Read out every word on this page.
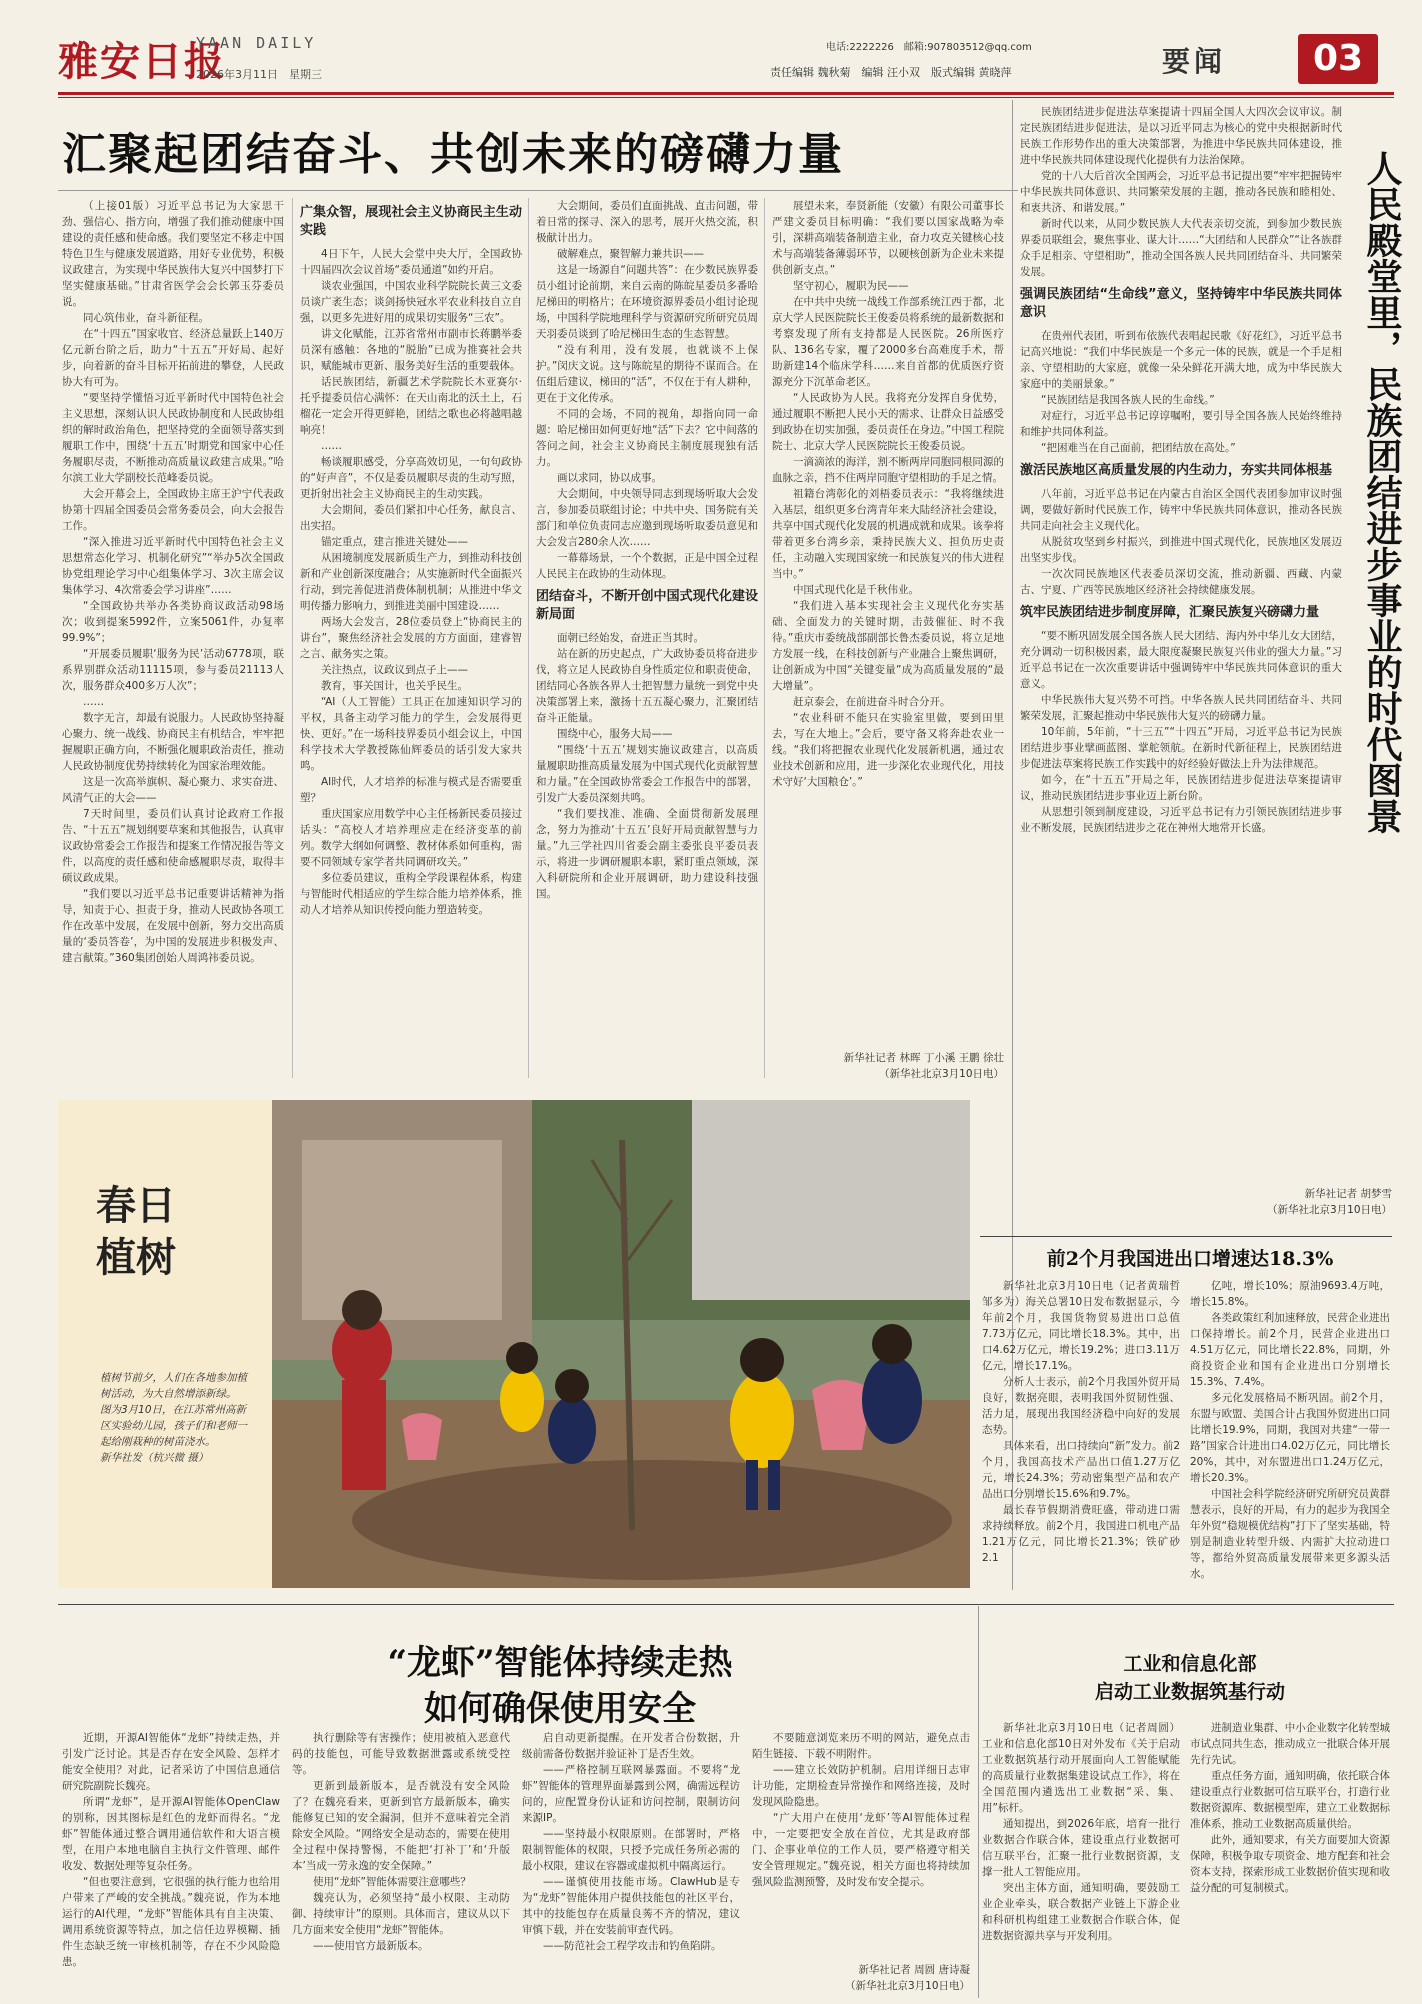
雅安日报
YAAN DAILY
2026年3月11日　星期三
电话:2222226　邮箱:907803512@qq.com
责任编辑 魏秋菊　编辑 汪小双　版式编辑 黄晓萍	要闻	03
汇聚起团结奋斗、共创未来的磅礴力量

（上接01版）习近平总书记为大家思干劲、强信心、指方向，增强了我们推动健康中国建设的责任感和使命感。我们要坚定不移走中国特色卫生与健康发展道路，用好专业优势，积极议政建言，为实现中华民族伟大复兴中国梦打下坚实健康基础。”甘肃省医学会会长郭玉芬委员说。

同心筑伟业，奋斗新征程。

在“十四五”国家收官、经济总量跃上140万亿元新台阶之后，助力“十五五”开好局、起好步，向着新的奋斗目标开拓前进的攀登，人民政协大有可为。

“要坚持学懂悟习近平新时代中国特色社会主义思想，深刻认识人民政协制度和人民政协组织的解时政治角色，把坚持党的全面领导落实到履职工作中，围绕‘十五五’时期党和国家中心任务履职尽责，不断推动高质量议政建言成果。”哈尔滨工业大学副校长范峰委员说。

大会开幕会上，全国政协主席王沪宁代表政协第十四届全国委员会常务委员会，向大会报告工作。

“深入推进习近平新时代中国特色社会主义思想常态化学习、机制化研究”“举办5次全国政协党组理论学习中心组集体学习、3次主席会议集体学习、4次常委会学习讲座”……

“全国政协共举办各类协商议政活动98场次；收到提案5992件，立案5061件，办复率99.9%”；

“开展委员履职‘服务为民’活动6778项，联系界别群众活动11115项，参与委员21113人次，服务群众400多万人次”；

……

数字无言，却最有说服力。人民政协坚持凝心聚力、统一战线、协商民主有机结合，牢牢把握履职正确方向，不断强化履职政治责任，推动人民政协制度优势持续转化为国家治理效能。

这是一次高举旗帜、凝心聚力、求实奋进、风清气正的大会——

7天时间里，委员们认真讨论政府工作报告、“十五五”规划纲要草案和其他报告，认真审议政协常委会工作报告和提案工作情况报告等文件，以高度的责任感和使命感履职尽责，取得丰硕议政成果。

“我们要以习近平总书记重要讲话精神为指导，知责于心、担责于身，推动人民政协各项工作在改革中发展，在发展中创新，努力交出高质量的‘委员答卷’，为中国的发展进步积极发声、建言献策。”360集团创始人周鸿祎委员说。

广集众智，展现社会主义协商民主生动实践

4日下午，人民大会堂中央大厅，全国政协十四届四次会议首场“委员通道”如约开启。

谈农业强国，中国农业科学院院长黄三文委员谈广袤生态；谈剑扬快冠水平农业科技自立自强，以更多先进好用的成果切实服务“三农”。

讲文化赋能，江苏省常州市副市长蒋鹏举委员深有感触：各地的“脱胎”已成为推赛社会共识，赋能城市更新、服务美好生活的重要载体。

话民族团结，新疆艺术学院院长木亚赛尔·托乎提委员信心满怀：在天山南北的沃土上，石榴花一定会开得更鲜艳，团结之歌也必将越唱越响亮！

……

畅谈履职感受，分享高效切见，一句句政协的“好声音”，不仅是委员履职尽责的生动写照，更折射出社会主义协商民主的生动实践。

大会期间，委员们紧扣中心任务，献良言、出实招。

锚定重点，建言推进关键处——

从困境制度发展新质生产力，到推动科技创新和产业创新深度融合；从实施新时代全面振兴行动，到完善促进消费体制机制；从推进中华文明传播力影响力，到推进美丽中国建设……

两场大会发言，28位委员登上“协商民主的讲台”，聚焦经济社会发展的方方面面，建睿智之言、献务实之策。

关注热点，议政议到点子上——

教育，事关国计，也关乎民生。

“AI（人工智能）工具正在加速知识学习的平权，具备主动学习能力的学生，会发展得更快、更好。”在一场科技界委员小组会议上，中国科学技术大学教授陈仙辉委员的话引发大家共鸣。

AI时代，人才培养的标准与模式是否需要重塑？

重庆国家应用数学中心主任杨新民委员接过话头：“高校人才培养理应走在经济变革的前列。数学大纲如何调整、教材体系如何重构，需要不同领域专家学者共同调研攻关。”

多位委员建议，重构全学段课程体系，构建与智能时代相适应的学生综合能力培养体系，推动人才培养从知识传授向能力塑造转变。

大会期间，委员们直面挑战、直击问题，带着日常的探寻、深入的思考，展开火热交流，积极献计出力。

破解难点，聚智解力兼共识——

这是一场源自“问题共答”：在少数民族界委员小组讨论前期，来自云南的陈皖星委员多番哈尼梯田的明格片；在环境资源界委员小组讨论现场，中国科学院地理科学与资源研究所研究员周天羽委员谈到了哈尼梯田生态的生态智慧。

“没有利用，没有发展，也就谈不上保护。”闵庆文说。这与陈皖星的期待不谋而合。在伍组后建议，梯田的“活”，不仅在于有人耕种，更在于文化传承。

不同的会场，不同的视角，却指向同一命题：哈尼梯田如何更好地“活”下去？它中间落的答问之间，社会主义协商民主制度展现独有活力。

画以求同，协以成事。

大会期间，中央领导同志到现场听取大会发言，参加委员联组讨论；中共中央、国务院有关部门和单位负责同志应邀到现场听取委员意见和大会发言280余人次……

一幕幕场景，一个个数据，正是中国全过程人民民主在政协的生动体现。

团结奋斗，不断开创中国式现代化建设新局面

面朝已经始发，奋进正当其时。

站在新的历史起点，广大政协委员将奋进步伐，将立足人民政协自身性质定位和职责使命，团结同心各族各界人士把智慧力量统一到党中央决策部署上来，激扬十五五凝心聚力，汇聚团结奋斗正能量。

围绕中心，服务大局——

“围绕‘十五五’规划实施议政建言，以高质量履职助推高质量发展为中国式现代化贡献智慧和力量。”在全国政协常委会工作报告中的部署，引发广大委员深刻共鸣。

“我们要找准、准确、全面贯彻新发展理念，努力为推动‘十五五’良好开局贡献智慧与力量。”九三学社四川省委会副主委张良平委员表示，将进一步调研履职本职，紧盯重点领域，深入科研院所和企业开展调研，助力建设科技强国。

展望未来，奉贤新能（安徽）有限公司董事长严建文委员目标明确：“我们要以国家战略为牵引，深耕高端装备制造主业，奋力攻克关键核心技术与高端装备薄弱环节，以硬核创新为企业未来提供创新支点。”

坚守初心，履职为民——

在中共中央统一战线工作部系统江西于都，北京大学人民医院院长王俊委员将系统的最新数据和考察发现了所有支持都是人民医院。26所医疗队、136名专家，覆了2000多台高难度手术，帮助新建14个临床学科……来自首都的优质医疗资源充分下沉革命老区。

“人民政协为人民。我将充分发挥自身优势，通过履职不断把人民小天的需求、让群众日益感受到政协在切实加强，委员责任在身边。”中国工程院院士、北京大学人民医院院长王俊委员说。

一滴滴浓的海洋，割不断两岸同胞同根同源的血脉之亲，挡不住两岸同胞守望相助的手足之情。

祖籍台湾彰化的刘梧委员表示：“我将继续进入基层，组织更多台湾青年来大陆经济社会建设，共享中国式现代化发展的机遇成就和成果。该拳将带着更多台湾乡亲，秉持民族大义、担负历史责任，主动融入实现国家统一和民族复兴的伟大进程当中。”

中国式现代化是千秋伟业。

“我们进入基本实现社会主义现代化夯实基础、全面发力的关键时期，击鼓催征、时不我待。”重庆市委统战部副部长鲁杰委员说，将立足地方发展一线，在科技创新与产业融合上聚焦调研，让创新成为中国“关键变量”成为高质量发展的“最大增量”。

赶京泰会，在前进奋斗时合分开。

“农业科研不能只在实验室里做，要到田里去，写在大地上。”会后，要守备又将奔赴农业一线。“我们将把握农业现代化发展新机遇，通过农业技术创新和应用，进一步深化农业现代化，用技术守好‘大国粮仓’。”

新华社记者 林晖 丁小溪 王鹏 徐壮
（新华社北京3月10日电）
人民殿堂里，民族团结进步事业的时代图景

民族团结进步促进法草案提请十四届全国人大四次会议审议。制定民族团结进步促进法，是以习近平同志为核心的党中央根据新时代民族工作形势作出的重大决策部署，为推进中华民族共同体建设，推进中华民族共同体建设现代化提供有力法治保障。

党的十八大后首次全国两会，习近平总书记提出要“牢牢把握铸牢中华民族共同体意识、共同繁荣发展的主题，推动各民族和睦相处、和衷共济、和谐发展。”

新时代以来，从同少数民族人大代表亲切交流，到参加少数民族界委员联组会，聚焦事业、谋大计……“大团结和人民群众”“让各族群众手足相亲、守望相助”，推动全国各族人民共同团结奋斗、共同繁荣发展。

强调民族团结“生命线”意义，坚持铸牢中华民族共同体意识

在贵州代表团，听到布依族代表唱起民歌《好花红》，习近平总书记高兴地说：“我们中华民族是一个多元一体的民族，就是一个手足相亲、守望相助的大家庭，就像一朵朵鲜花开满大地，成为中华民族大家庭中的美丽景象。”

“民族团结是我国各族人民的生命线。”

对症行，习近平总书记谆谆嘱咐，要引导全国各族人民始终维持和维护共同体利益。

“把困难当在自己面前，把团结放在高处。”

激活民族地区高质量发展的内生动力，夯实共同体根基

八年前，习近平总书记在内蒙古自治区全国代表团参加审议时强调，要做好新时代民族工作，铸牢中华民族共同体意识，推动各民族共同走向社会主义现代化。

从脱贫攻坚到乡村振兴，到推进中国式现代化，民族地区发展迈出坚实步伐。

一次次同民族地区代表委员深切交流，推动新疆、西藏、内蒙古、宁夏、广西等民族地区经济社会持续健康发展。

筑牢民族团结进步制度屏障，汇聚民族复兴磅礴力量

“要不断巩固发展全国各族人民大团结、海内外中华儿女大团结，充分调动一切积极因素，最大限度凝聚民族复兴伟业的强大力量。”习近平总书记在一次次重要讲话中强调铸牢中华民族共同体意识的重大意义。

中华民族伟大复兴势不可挡。中华各族人民共同团结奋斗、共同繁荣发展，汇聚起推动中华民族伟大复兴的磅礴力量。

10年前，5年前，“十三五”“十四五”开局，习近平总书记为民族团结进步事业擘画蓝图、掌舵领航。在新时代新征程上，民族团结进步促进法草案将民族工作实践中的好经验好做法上升为法律规范。

如今，在“十五五”开局之年，民族团结进步促进法草案提请审议，推动民族团结进步事业迈上新台阶。

从思想引领到制度建设，习近平总书记有力引领民族团结进步事业不断发展，民族团结进步之花在神州大地常开长盛。

新华社记者 胡梦雪
（新华社北京3月10日电）
春日
植树
植树节前夕，人们在各地参加植树活动，为大自然增添新绿。
图为3月10日，在江苏常州高新区实验幼儿园，孩子们和老师一起给刚栽种的树苗浇水。
新华社发（杭兴微 摄）
前2个月我国进出口增速达18.3%

新华社北京3月10日电（记者黄瑞哲 邹多为）海关总署10日发布数据显示，今年前2个月，我国货物贸易进出口总值7.73万亿元，同比增长18.3%。其中，出口4.62万亿元，增长19.2%；进口3.11万亿元，增长17.1%。

分析人士表示，前2个月我国外贸开局良好，数据亮眼，表明我国外贸韧性强、活力足，展现出我国经济稳中向好的发展态势。

具体来看，出口持续向“新”发力。前2个月，我国高技术产品出口值1.27万亿元，增长24.3%；劳动密集型产品和农产品出口分别增长15.6%和9.7%。

最长春节假期消费旺盛，带动进口需求持续释放。前2个月，我国进口机电产品1.21万亿元，同比增长21.3%；铁矿砂2.1

亿吨，增长10%；原油9693.4万吨，增长15.8%。

各类政策红利加速释放，民营企业进出口保持增长。前2个月，民营企业进出口4.51万亿元，同比增长22.8%，同期，外商投资企业和国有企业进出口分别增长15.3%、7.4%。

多元化发展格局不断巩固。前2个月，东盟与欧盟、美国合计占我国外贸进出口同比增长19.9%，同期，我国对共建“一带一路”国家合计进出口4.02万亿元，同比增长20%，其中，对东盟进出口1.24万亿元，增长20.3%。

中国社会科学院经济研究所研究员黄群慧表示，良好的开局，有力的起步为我国全年外贸“稳规模优结构”打下了坚实基础，特别是制造业转型升级、内需扩大拉动进口等，都给外贸高质量发展带来更多源头活水。

“龙虾”智能体持续走热
如何确保使用安全

近期，开源AI智能体“龙虾”持续走热，并引发广泛讨论。其是否存在安全风险、怎样才能安全使用？对此，记者采访了中国信息通信研究院副院长魏亮。

所谓“龙虾”，是开源AI智能体OpenClaw的别称，因其图标是红色的龙虾而得名。“龙虾”智能体通过整合调用通信软件和大语言模型，在用户本地电脑自主执行文件管理、邮件收发、数据处理等复杂任务。

“但也要注意到，它很强的执行能力也给用户带来了严峻的安全挑战。”魏亮说，作为本地运行的AI代理，“龙虾”智能体具有自主决策、调用系统资源等特点，加之信任边界模糊、插件生态缺乏统一审核机制等，存在不少风险隐患。

执行删除等有害操作；使用被植入恶意代码的技能包，可能导致数据泄露或系统受控等。

更新到最新版本，是否就没有安全风险了？在魏亮看来，更新到官方最新版本，确实能修复已知的安全漏洞，但并不意味着完全消除安全风险。“网络安全是动态的，需要在使用全过程中保持警惕，不能把‘打补丁’和‘升版本’当成一劳永逸的安全保障。”

使用“龙虾”智能体需要注意哪些？

魏亮认为，必须坚持“最小权限、主动防御、持续审计”的原则。具体而言，建议从以下几方面来安全使用“龙虾”智能体。

——使用官方最新版本。

启自动更新提醒。在开发者合份数据，升级前需备份数据并验证补丁是否生效。

——严格控制互联网暴露面。不要将“龙虾”智能体的管理界面暴露到公网，确需远程访问的，应配置身份认证和访问控制，限制访问来源IP。

——坚持最小权限原则。在部署时，严格限制智能体的权限，只授予完成任务所必需的最小权限，建议在容器或虚拟机中隔离运行。

——谨慎使用技能市场。ClawHub是专为“龙虾”智能体用户提供技能包的社区平台，其中的技能包存在质量良莠不齐的情况，建议审慎下载，并在安装前审查代码。

——防范社会工程学攻击和钓鱼陷阱。

不要随意浏览来历不明的网站，避免点击陌生链接、下载不明附件。

——建立长效防护机制。启用详细日志审计功能，定期检查异常操作和网络连接，及时发现风险隐患。

“广大用户在使用‘龙虾’等AI智能体过程中，一定要把安全放在首位，尤其是政府部门、企事业单位的工作人员，要严格遵守相关安全管理规定。”魏亮说，相关方面也将持续加强风险监测预警，及时发布安全提示。

新华社记者 周圆 唐诗凝
（新华社北京3月10日电）
工业和信息化部
启动工业数据筑基行动

新华社北京3月10日电（记者周圆）工业和信息化部10日对外发布《关于启动工业数据筑基行动开展面向人工智能赋能的高质量行业数据集建设试点工作》，将在全国范围内遴选出工业数据“采、集、用”标杆。

通知提出，到2026年底，培育一批行业数据合作联合体，建设重点行业数据可信互联平台，汇聚一批行业数据资源，支撑一批人工智能应用。

突出主体方面，通知明确，要鼓励工业企业牵头，联合数据产业链上下游企业和科研机构组建工业数据合作联合体，促进数据资源共享与开发利用。

进制造业集群、中小企业数字化转型城市试点同共生态，推动成立一批联合体开展先行先试。

重点任务方面，通知明确，依托联合体建设重点行业数据可信互联平台，打造行业数据资源库、数据模型库，建立工业数据标准体系，推动工业数据高质量供给。

此外，通知要求，有关方面要加大资源保障，积极争取专项资金、地方配套和社会资本支持，探索形成工业数据价值实现和收益分配的可复制模式。
